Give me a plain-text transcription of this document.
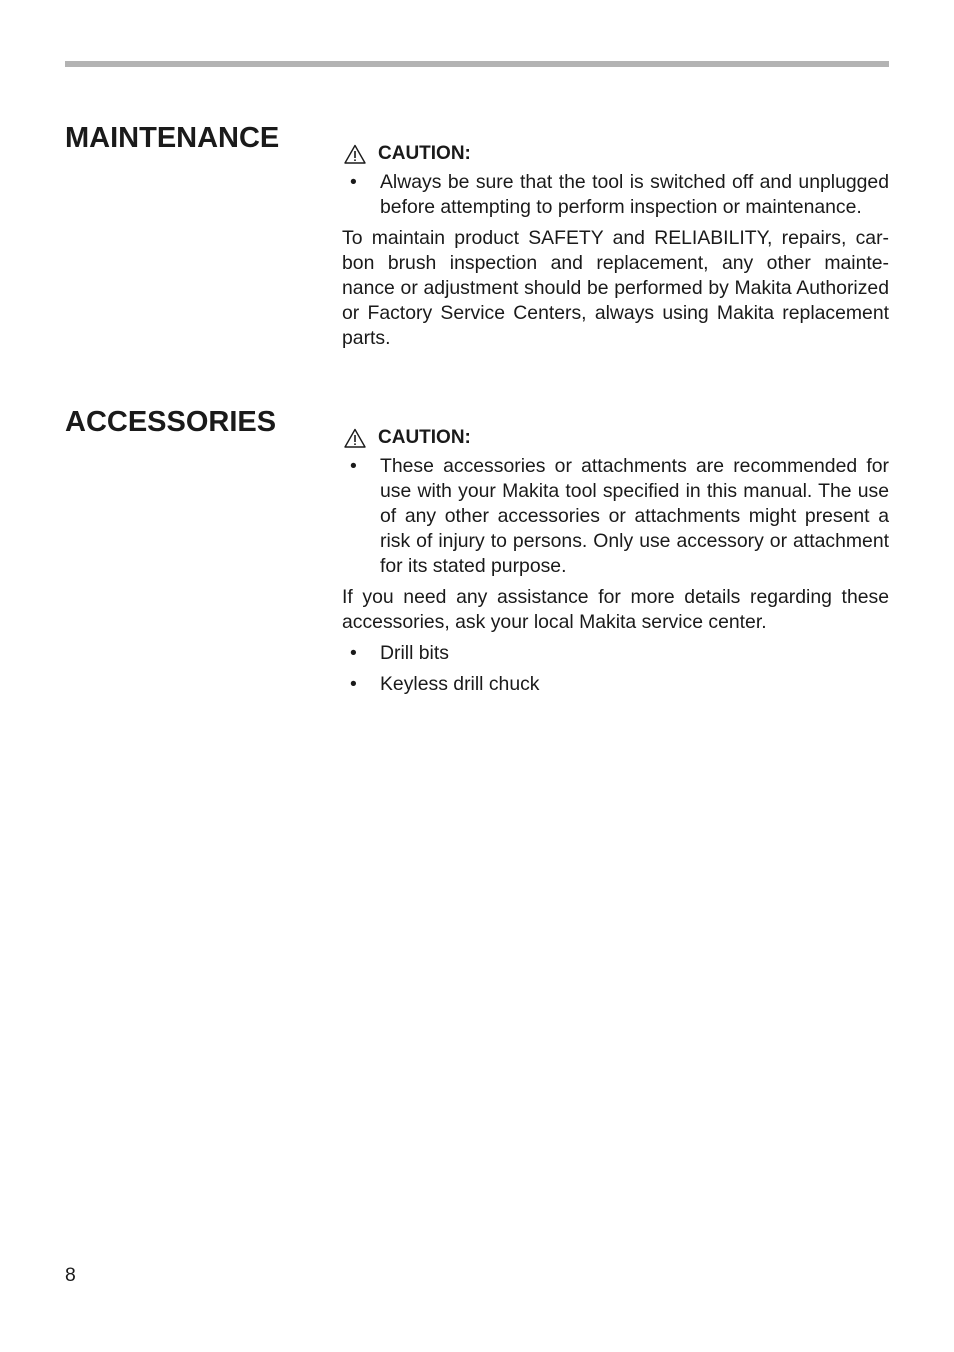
MAINTENANCE	CAUTION:
•	Always be sure that the tool is switched off and unplugged before attempting to perform inspection or maintenance.

To maintain product SAFETY and RELIABILITY, repairs, car- bon brush inspection and replacement, any other mainte- nance or adjustment should be performed by Makita Authorized or Factory Service Centers, always using Makita replacement parts.

ACCESSORIES	CAUTION:
•	These accessories or attachments are recommended for use with your Makita tool specified in this manual. The use of any other accessories or attachments might present a risk of injury to persons. Only use accessory or attachment for its stated purpose.

If you need any assistance for more details regarding these accessories, ask your local Makita service center.

•	Drill bits
•	Keyless drill chuck
8
